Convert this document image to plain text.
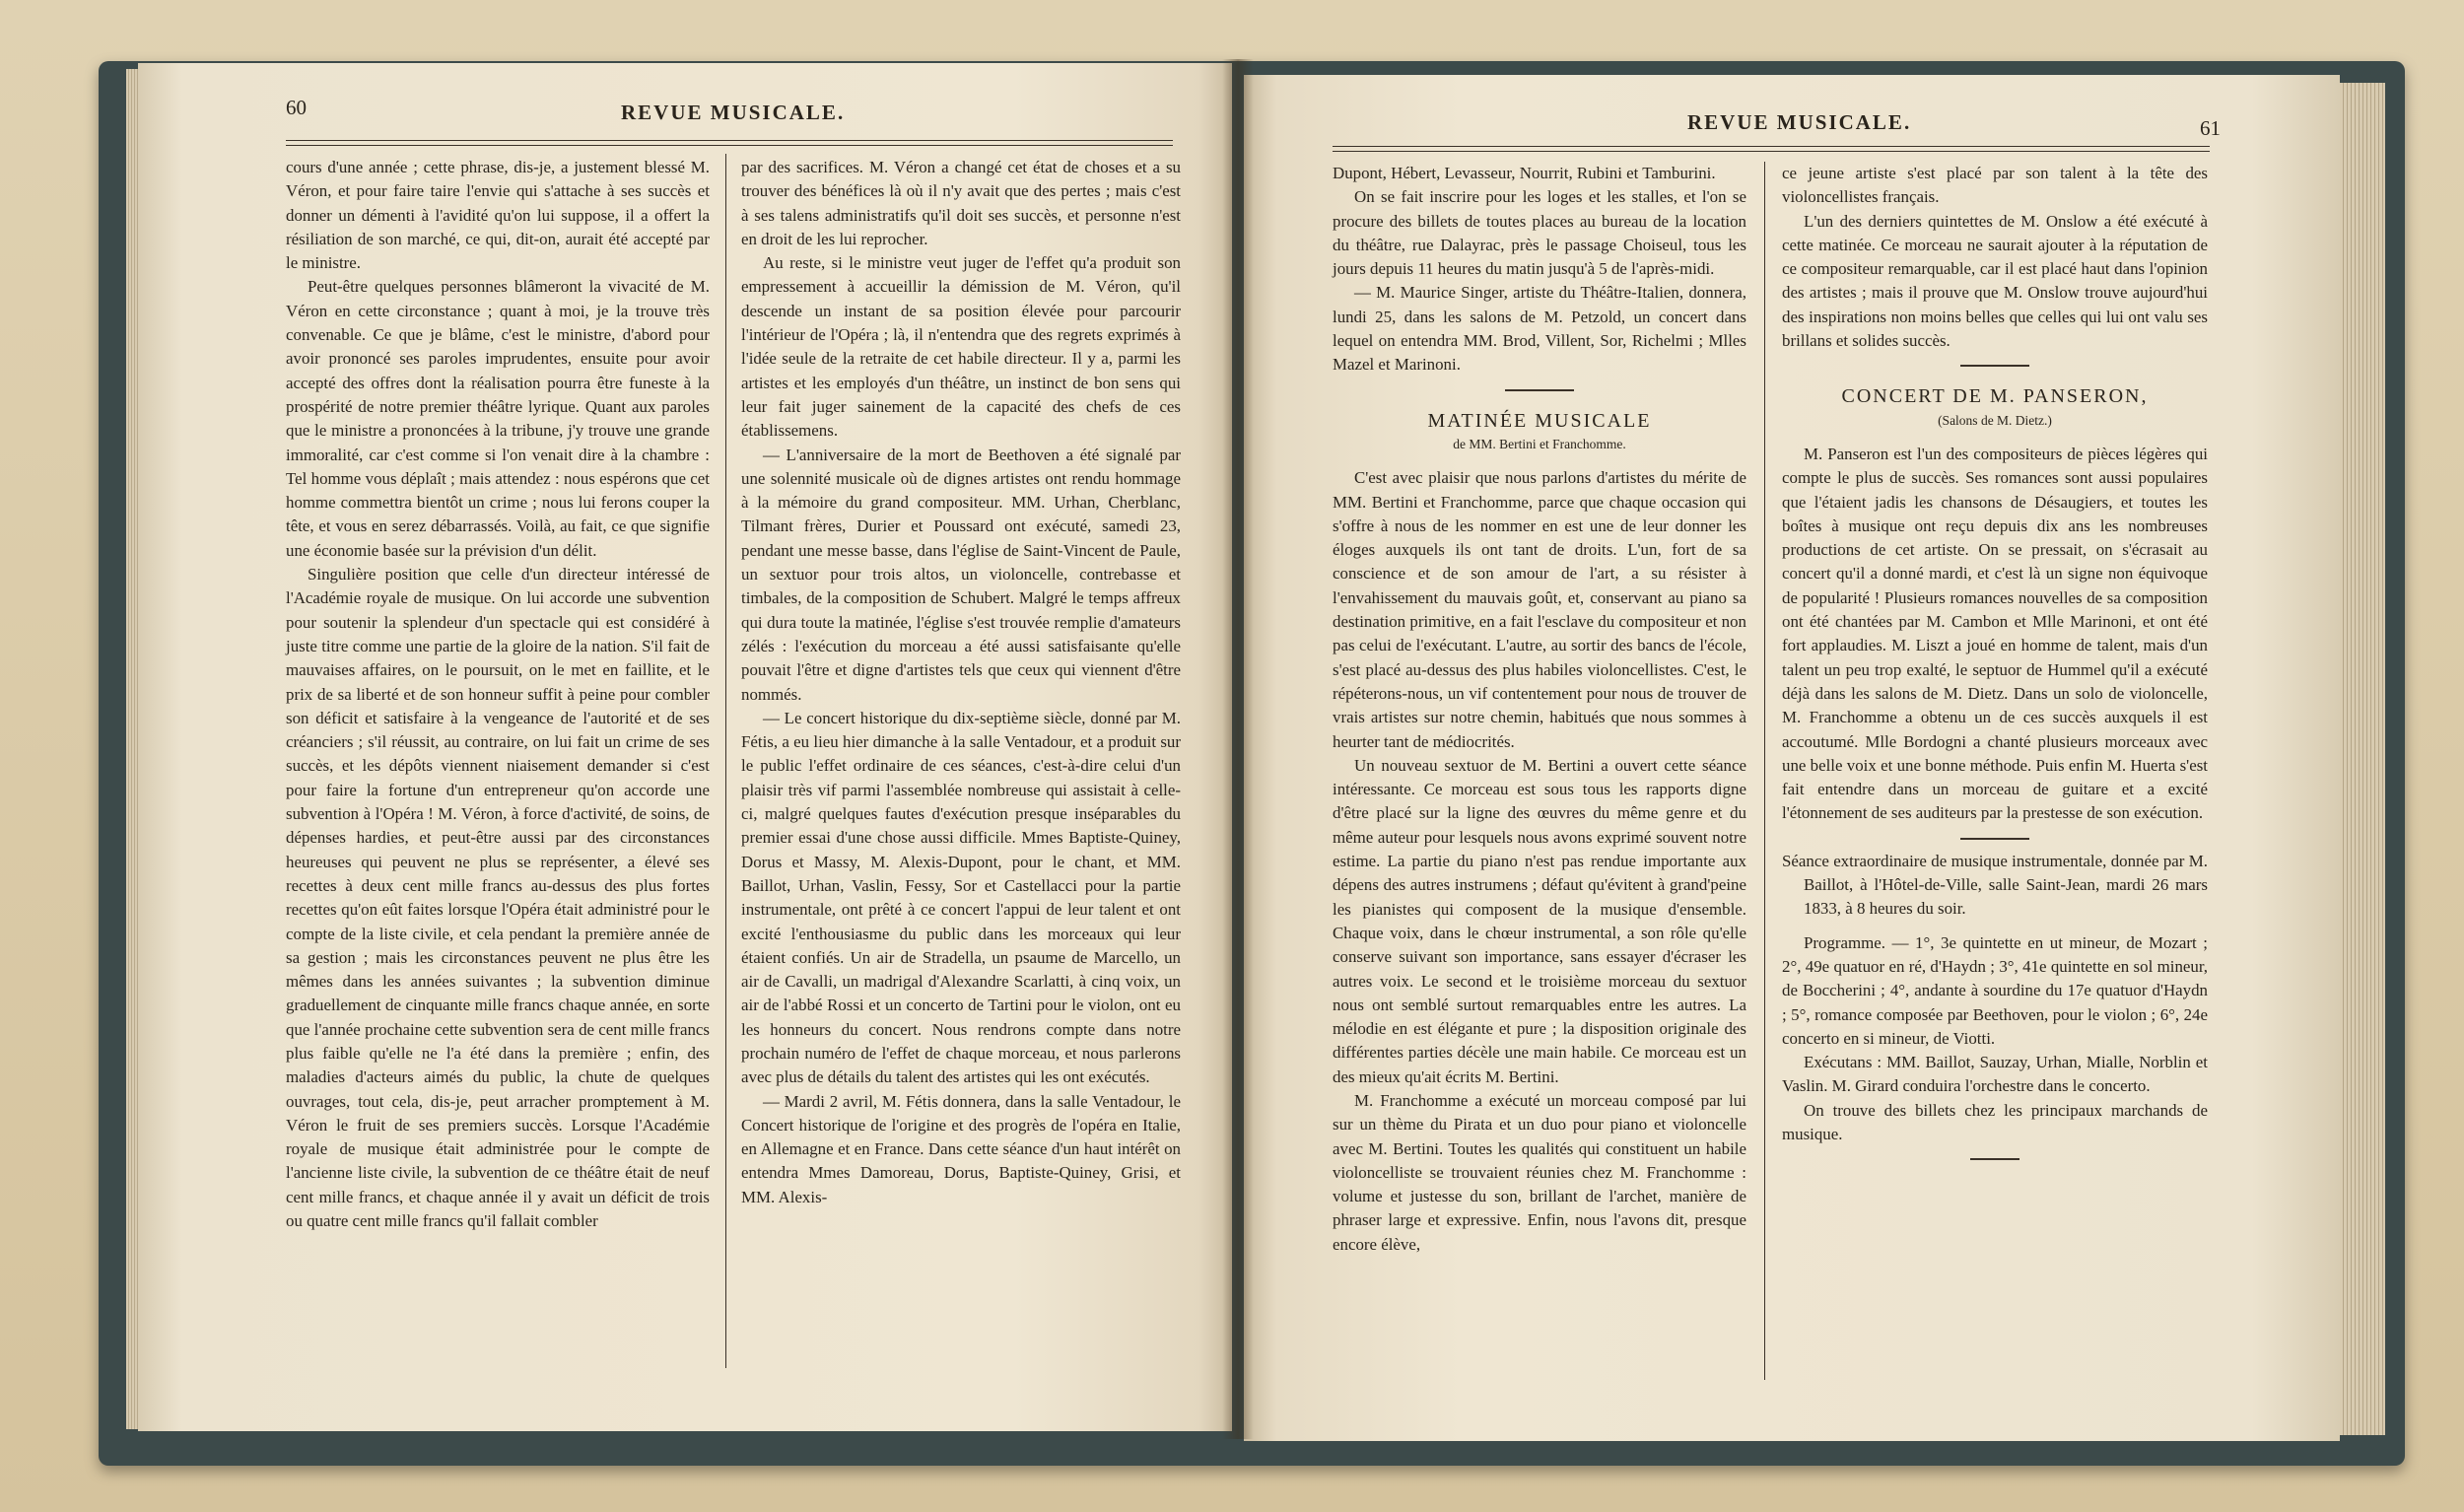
60	REVUE MUSICALE.

cours d'une année ; cette phrase, dis-je, a justement blessé M. Véron, et pour faire taire l'envie qui s'attache à ses succès et donner un démenti à l'avidité qu'on lui suppose, il a offert la résiliation de son marché, ce qui, dit-on, aurait été accepté par le ministre.

Peut-être quelques personnes blâmeront la vivacité de M. Véron en cette circonstance ; quant à moi, je la trouve très convenable. Ce que je blâme, c'est le ministre, d'abord pour avoir prononcé ses paroles imprudentes, ensuite pour avoir accepté des offres dont la réalisation pourra être funeste à la prospérité de notre premier théâtre lyrique. Quant aux paroles que le ministre a prononcées à la tribune, j'y trouve une grande immoralité, car c'est comme si l'on venait dire à la chambre : Tel homme vous déplaît ; mais attendez : nous espérons que cet homme commettra bientôt un crime ; nous lui ferons couper la tête, et vous en serez débarrassés. Voilà, au fait, ce que signifie une économie basée sur la prévision d'un délit.

Singulière position que celle d'un directeur intéressé de l'Académie royale de musique. On lui accorde une subvention pour soutenir la splendeur d'un spectacle qui est considéré à juste titre comme une partie de la gloire de la nation. S'il fait de mauvaises affaires, on le poursuit, on le met en faillite, et le prix de sa liberté et de son honneur suffit à peine pour combler son déficit et satisfaire à la vengeance de l'autorité et de ses créanciers ; s'il réussit, au contraire, on lui fait un crime de ses succès, et les dépôts viennent niaisement demander si c'est pour faire la fortune d'un entrepreneur qu'on accorde une subvention à l'Opéra ! M. Véron, à force d'activité, de soins, de dépenses hardies, et peut-être aussi par des circonstances heureuses qui peuvent ne plus se représenter, a élevé ses recettes à deux cent mille francs au-dessus des plus fortes recettes qu'on eût faites lorsque l'Opéra était administré pour le compte de la liste civile, et cela pendant la première année de sa gestion ; mais les circonstances peuvent ne plus être les mêmes dans les années suivantes ; la subvention diminue graduellement de cinquante mille francs chaque année, en sorte que l'année prochaine cette subvention sera de cent mille francs plus faible qu'elle ne l'a été dans la première ; enfin, des maladies d'acteurs aimés du public, la chute de quelques ouvrages, tout cela, dis-je, peut arracher promptement à M. Véron le fruit de ses premiers succès. Lorsque l'Académie royale de musique était administrée pour le compte de l'ancienne liste civile, la subvention de ce théâtre était de neuf cent mille francs, et chaque année il y avait un déficit de trois ou quatre cent mille francs qu'il fallait combler

par des sacrifices. M. Véron a changé cet état de choses et a su trouver des bénéfices là où il n'y avait que des pertes ; mais c'est à ses talens administratifs qu'il doit ses succès, et personne n'est en droit de les lui reprocher.

Au reste, si le ministre veut juger de l'effet qu'a produit son empressement à accueillir la démission de M. Véron, qu'il descende un instant de sa position élevée pour parcourir l'intérieur de l'Opéra ; là, il n'entendra que des regrets exprimés à l'idée seule de la retraite de cet habile directeur. Il y a, parmi les artistes et les employés d'un théâtre, un instinct de bon sens qui leur fait juger sainement de la capacité des chefs de ces établissemens.

— L'anniversaire de la mort de Beethoven a été signalé par une solennité musicale où de dignes artistes ont rendu hommage à la mémoire du grand compositeur. MM. Urhan, Cherblanc, Tilmant frères, Durier et Poussard ont exécuté, samedi 23, pendant une messe basse, dans l'église de Saint-Vincent de Paule, un sextuor pour trois altos, un violoncelle, contrebasse et timbales, de la composition de Schubert. Malgré le temps affreux qui dura toute la matinée, l'église s'est trouvée remplie d'amateurs zélés : l'exécution du morceau a été aussi satisfaisante qu'elle pouvait l'être et digne d'artistes tels que ceux qui viennent d'être nommés.

— Le concert historique du dix-septième siècle, donné par M. Fétis, a eu lieu hier dimanche à la salle Ventadour, et a produit sur le public l'effet ordinaire de ces séances, c'est-à-dire celui d'un plaisir très vif parmi l'assemblée nombreuse qui assistait à celle-ci, malgré quelques fautes d'exécution presque inséparables du premier essai d'une chose aussi difficile. Mmes Baptiste-Quiney, Dorus et Massy, M. Alexis-Dupont, pour le chant, et MM. Baillot, Urhan, Vaslin, Fessy, Sor et Castellacci pour la partie instrumentale, ont prêté à ce concert l'appui de leur talent et ont excité l'enthousiasme du public dans les morceaux qui leur étaient confiés. Un air de Stradella, un psaume de Marcello, un air de Cavalli, un madrigal d'Alexandre Scarlatti, à cinq voix, un air de l'abbé Rossi et un concerto de Tartini pour le violon, ont eu les honneurs du concert. Nous rendrons compte dans notre prochain numéro de l'effet de chaque morceau, et nous parlerons avec plus de détails du talent des artistes qui les ont exécutés.

— Mardi 2 avril, M. Fétis donnera, dans la salle Ventadour, le Concert historique de l'origine et des progrès de l'opéra en Italie, en Allemagne et en France. Dans cette séance d'un haut intérêt on entendra Mmes Damoreau, Dorus, Baptiste-Quiney, Grisi, et MM. Alexis-

REVUE MUSICALE.	61

Dupont, Hébert, Levasseur, Nourrit, Rubini et Tamburini.

On se fait inscrire pour les loges et les stalles, et l'on se procure des billets de toutes places au bureau de la location du théâtre, rue Dalayrac, près le passage Choiseul, tous les jours depuis 11 heures du matin jusqu'à 5 de l'après-midi.

— M. Maurice Singer, artiste du Théâtre-Italien, donnera, lundi 25, dans les salons de M. Petzold, un concert dans lequel on entendra MM. Brod, Villent, Sor, Richelmi ; Mlles Mazel et Marinoni.

MATINÉE MUSICALE

de MM. Bertini et Franchomme.

C'est avec plaisir que nous parlons d'artistes du mérite de MM. Bertini et Franchomme, parce que chaque occasion qui s'offre à nous de les nommer en est une de leur donner les éloges auxquels ils ont tant de droits. L'un, fort de sa conscience et de son amour de l'art, a su résister à l'envahissement du mauvais goût, et, conservant au piano sa destination primitive, en a fait l'esclave du compositeur et non pas celui de l'exécutant. L'autre, au sortir des bancs de l'école, s'est placé au-dessus des plus habiles violoncellistes. C'est, le répéterons-nous, un vif contentement pour nous de trouver de vrais artistes sur notre chemin, habitués que nous sommes à heurter tant de médiocrités.

Un nouveau sextuor de M. Bertini a ouvert cette séance intéressante. Ce morceau est sous tous les rapports digne d'être placé sur la ligne des œuvres du même genre et du même auteur pour lesquels nous avons exprimé souvent notre estime. La partie du piano n'est pas rendue importante aux dépens des autres instrumens ; défaut qu'évitent à grand'peine les pianistes qui composent de la musique d'ensemble. Chaque voix, dans le chœur instrumental, a son rôle qu'elle conserve suivant son importance, sans essayer d'écraser les autres voix. Le second et le troisième morceau du sextuor nous ont semblé surtout remarquables entre les autres. La mélodie en est élégante et pure ; la disposition originale des différentes parties décèle une main habile. Ce morceau est un des mieux qu'ait écrits M. Bertini.

M. Franchomme a exécuté un morceau composé par lui sur un thème du Pirata et un duo pour piano et violoncelle avec M. Bertini. Toutes les qualités qui constituent un habile violoncelliste se trouvaient réunies chez M. Franchomme : volume et justesse du son, brillant de l'archet, manière de phraser large et expressive. Enfin, nous l'avons dit, presque encore élève,

ce jeune artiste s'est placé par son talent à la tête des violoncellistes français.

L'un des derniers quintettes de M. Onslow a été exécuté à cette matinée. Ce morceau ne saurait ajouter à la réputation de ce compositeur remarquable, car il est placé haut dans l'opinion des artistes ; mais il prouve que M. Onslow trouve aujourd'hui des inspirations non moins belles que celles qui lui ont valu ses brillans et solides succès.

CONCERT DE M. PANSERON,

(Salons de M. Dietz.)

M. Panseron est l'un des compositeurs de pièces légères qui compte le plus de succès. Ses romances sont aussi populaires que l'étaient jadis les chansons de Désaugiers, et toutes les boîtes à musique ont reçu depuis dix ans les nombreuses productions de cet artiste. On se pressait, on s'écrasait au concert qu'il a donné mardi, et c'est là un signe non équivoque de popularité ! Plusieurs romances nouvelles de sa composition ont été chantées par M. Cambon et Mlle Marinoni, et ont été fort applaudies. M. Liszt a joué en homme de talent, mais d'un talent un peu trop exalté, le septuor de Hummel qu'il a exécuté déjà dans les salons de M. Dietz. Dans un solo de violoncelle, M. Franchomme a obtenu un de ces succès auxquels il est accoutumé. Mlle Bordogni a chanté plusieurs morceaux avec une belle voix et une bonne méthode. Puis enfin M. Huerta s'est fait entendre dans un morceau de guitare et a excité l'étonnement de ses auditeurs par la prestesse de son exécution.

Séance extraordinaire de musique instrumentale, donnée par M. Baillot, à l'Hôtel-de-Ville, salle Saint-Jean, mardi 26 mars 1833, à 8 heures du soir.

Programme. — 1°, 3e quintette en ut mineur, de Mozart ; 2°, 49e quatuor en ré, d'Haydn ; 3°, 41e quintette en sol mineur, de Boccherini ; 4°, andante à sourdine du 17e quatuor d'Haydn ; 5°, romance composée par Beethoven, pour le violon ; 6°, 24e concerto en si mineur, de Viotti.

Exécutans : MM. Baillot, Sauzay, Urhan, Mialle, Norblin et Vaslin. M. Girard conduira l'orchestre dans le concerto.

On trouve des billets chez les principaux marchands de musique.
